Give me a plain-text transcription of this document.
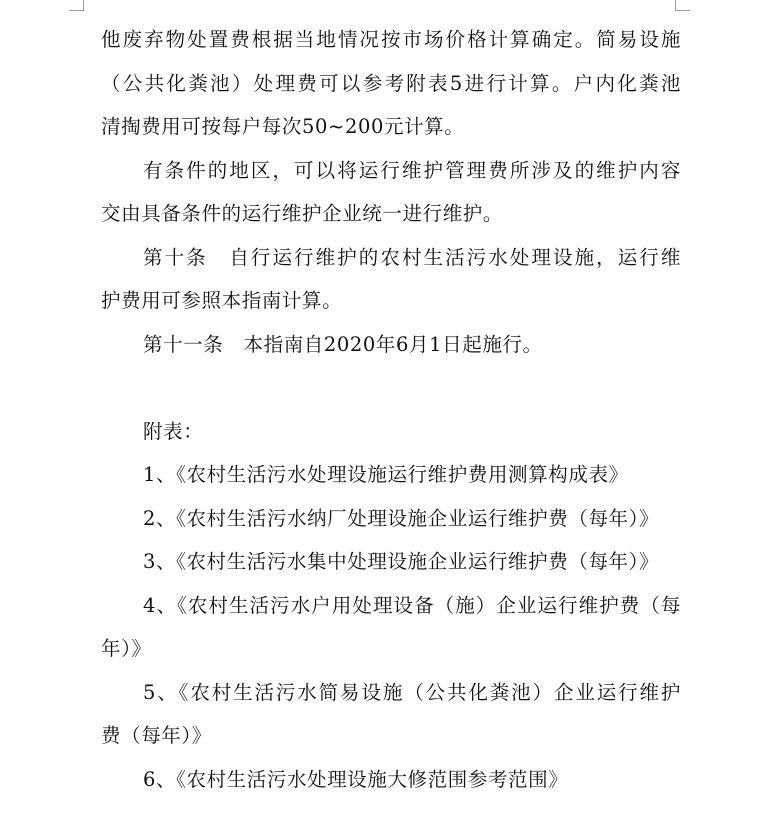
他废弃物处置费根据当地情况按市场价格计算确定。简易设施
（公共化粪池）处理费可以参考附表5进行计算。户内化粪池
清掏费用可按每户每次50~200元计算。
有条件的地区，可以将运行维护管理费所涉及的维护内容
交由具备条件的运行维护企业统一进行维护。
第十条　自行运行维护的农村生活污水处理设施，运行维
护费用可参照本指南计算。
第十一条　本指南自2020年6月1日起施行。
附表：
1、《农村生活污水处理设施运行维护费用测算构成表》
2、《农村生活污水纳厂处理设施企业运行维护费（每年）》
3、《农村生活污水集中处理设施企业运行维护费（每年）》
4、《农村生活污水户用处理设备（施）企业运行维护费（每
年）》
5、《农村生活污水简易设施（公共化粪池）企业运行维护
费（每年）》
6、《农村生活污水处理设施大修范围参考范围》
